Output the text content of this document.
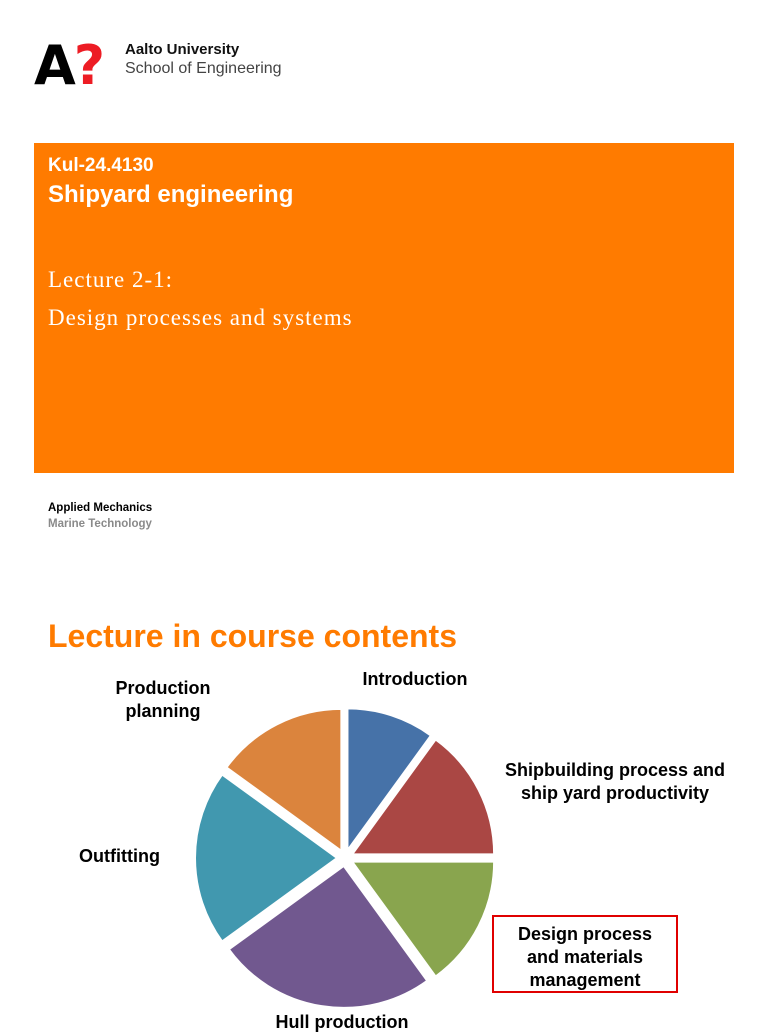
A?	Aalto University
School of Engineering
Kul-24.4130
Shipyard engineering
Lecture 2-1:
Design processes and systems
Applied Mechanics
Marine Technology
Lecture in course contents
Introduction
Shipbuilding process and
ship yard productivity
Production
planning
Outfitting
Hull production
Design process
and materials
management
